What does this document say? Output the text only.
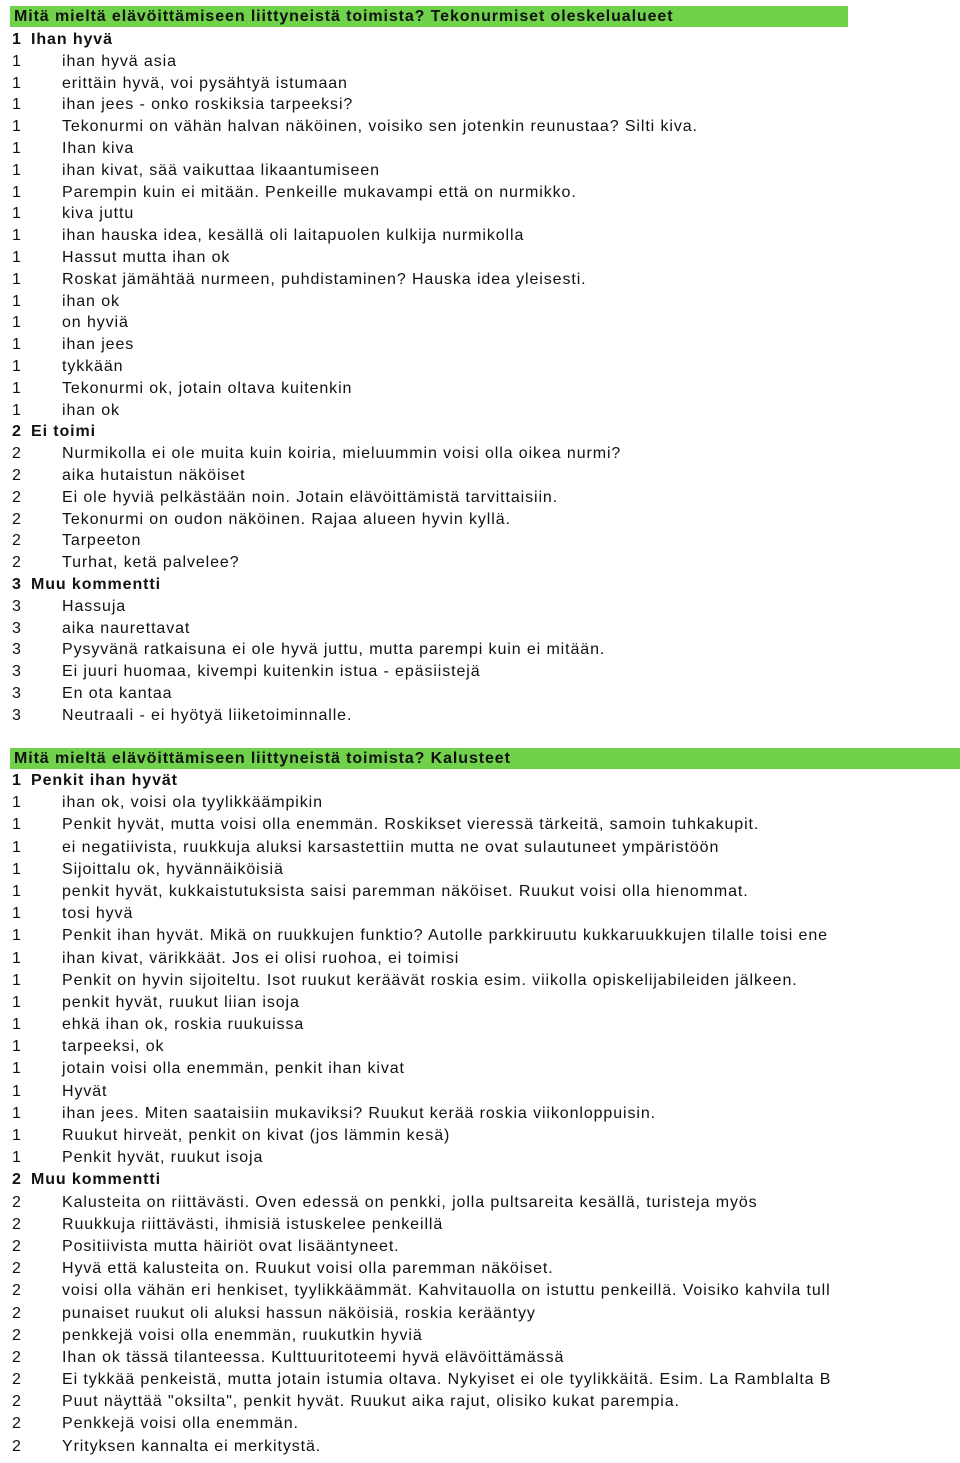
Mitä mieltä elävöittämiseen liittyneistä toimista? Tekonurmiset oleskelualueet
1 Ihan hyvä
1	ihan hyvä asia
1	erittäin hyvä, voi pysähtyä istumaan
1	ihan jees - onko roskiksia tarpeeksi?
1	Tekonurmi on vähän halvan näköinen, voisiko sen jotenkin reunustaa? Silti kiva.
1	Ihan kiva
1	ihan kivat, sää vaikuttaa likaantumiseen
1	Parempin kuin ei mitään. Penkeille mukavampi että on nurmikko.
1	kiva juttu
1	ihan hauska idea, kesällä oli laitapuolen kulkija nurmikolla
1	Hassut mutta ihan ok
1	Roskat jämähtää nurmeen, puhdistaminen? Hauska idea yleisesti.
1	ihan ok
1	on hyviä
1	ihan jees
1	tykkään
1	Tekonurmi ok, jotain oltava kuitenkin
1	ihan ok
2 Ei toimi
2	Nurmikolla ei ole muita kuin koiria, mieluummin voisi olla oikea nurmi?
2	aika hutaistun näköiset
2	Ei ole hyviä pelkästään noin. Jotain elävöittämistä tarvittaisiin.
2	Tekonurmi on oudon näköinen. Rajaa alueen hyvin kyllä.
2	Tarpeeton
2	Turhat, ketä palvelee?
3 Muu kommentti
3	Hassuja
3	aika naurettavat
3	Pysyvänä ratkaisuna ei ole hyvä juttu, mutta parempi kuin ei mitään.
3	Ei juuri huomaa, kivempi kuitenkin istua - epäsiistejä
3	En ota kantaa
3	Neutraali - ei hyötyä liiketoiminnalle.
Mitä mieltä elävöittämiseen liittyneistä toimista? Kalusteet
1 Penkit ihan hyvät
1	ihan ok, voisi ola tyylikkäämpikin
1	Penkit hyvät, mutta voisi olla enemmän. Roskikset vieressä tärkeitä, samoin tuhkakupit.
1	ei negatiivista, ruukkuja aluksi karsastettiin mutta ne ovat sulautuneet ympäristöön
1	Sijoittalu ok, hyvännäiköisiä
1	penkit hyvät, kukkaistutuksista saisi paremman näköiset. Ruukut voisi olla hienommat.
1	tosi hyvä
1	Penkit ihan hyvät. Mikä on ruukkujen funktio? Autolle parkkiruutu kukkaruukkujen tilalle toisi ene
1	ihan kivat, värikkäät. Jos ei olisi ruohoa, ei toimisi
1	Penkit on hyvin sijoiteltu. Isot ruukut keräävät roskia esim. viikolla opiskelijabileiden jälkeen.
1	penkit hyvät, ruukut liian isoja
1	ehkä ihan ok, roskia ruukuissa
1	tarpeeksi, ok
1	jotain voisi olla enemmän, penkit ihan kivat
1	Hyvät
1	ihan jees. Miten saataisiin mukaviksi? Ruukut kerää roskia viikonloppuisin.
1	Ruukut hirveät, penkit on kivat (jos lämmin kesä)
1	Penkit hyvät, ruukut isoja
2 Muu kommentti
2	Kalusteita on riittävästi. Oven edessä on penkki, jolla pultsareita kesällä, turisteja myös
2	Ruukkuja riittävästi, ihmisiä istuskelee penkeillä
2	Positiivista mutta häiriöt ovat lisääntyneet.
2	Hyvä että kalusteita on. Ruukut voisi olla paremman näköiset.
2	voisi olla vähän eri henkiset, tyylikkäämmät. Kahvitauolla on istuttu penkeillä. Voisiko kahvila tull
2	punaiset ruukut oli aluksi hassun näköisiä, roskia kerääntyy
2	penkkejä voisi olla enemmän, ruukutkin hyviä
2	Ihan ok tässä tilanteessa. Kulttuuritoteemi hyvä elävöittämässä
2	Ei tykkää penkeistä, mutta jotain istumia oltava. Nykyiset ei ole tyylikkäitä. Esim. La Ramblalta B
2	Puut näyttää "oksilta", penkit hyvät. Ruukut aika rajut, olisiko kukat parempia.
2	Penkkejä voisi olla enemmän.
2	Yrityksen kannalta ei merkitystä.
